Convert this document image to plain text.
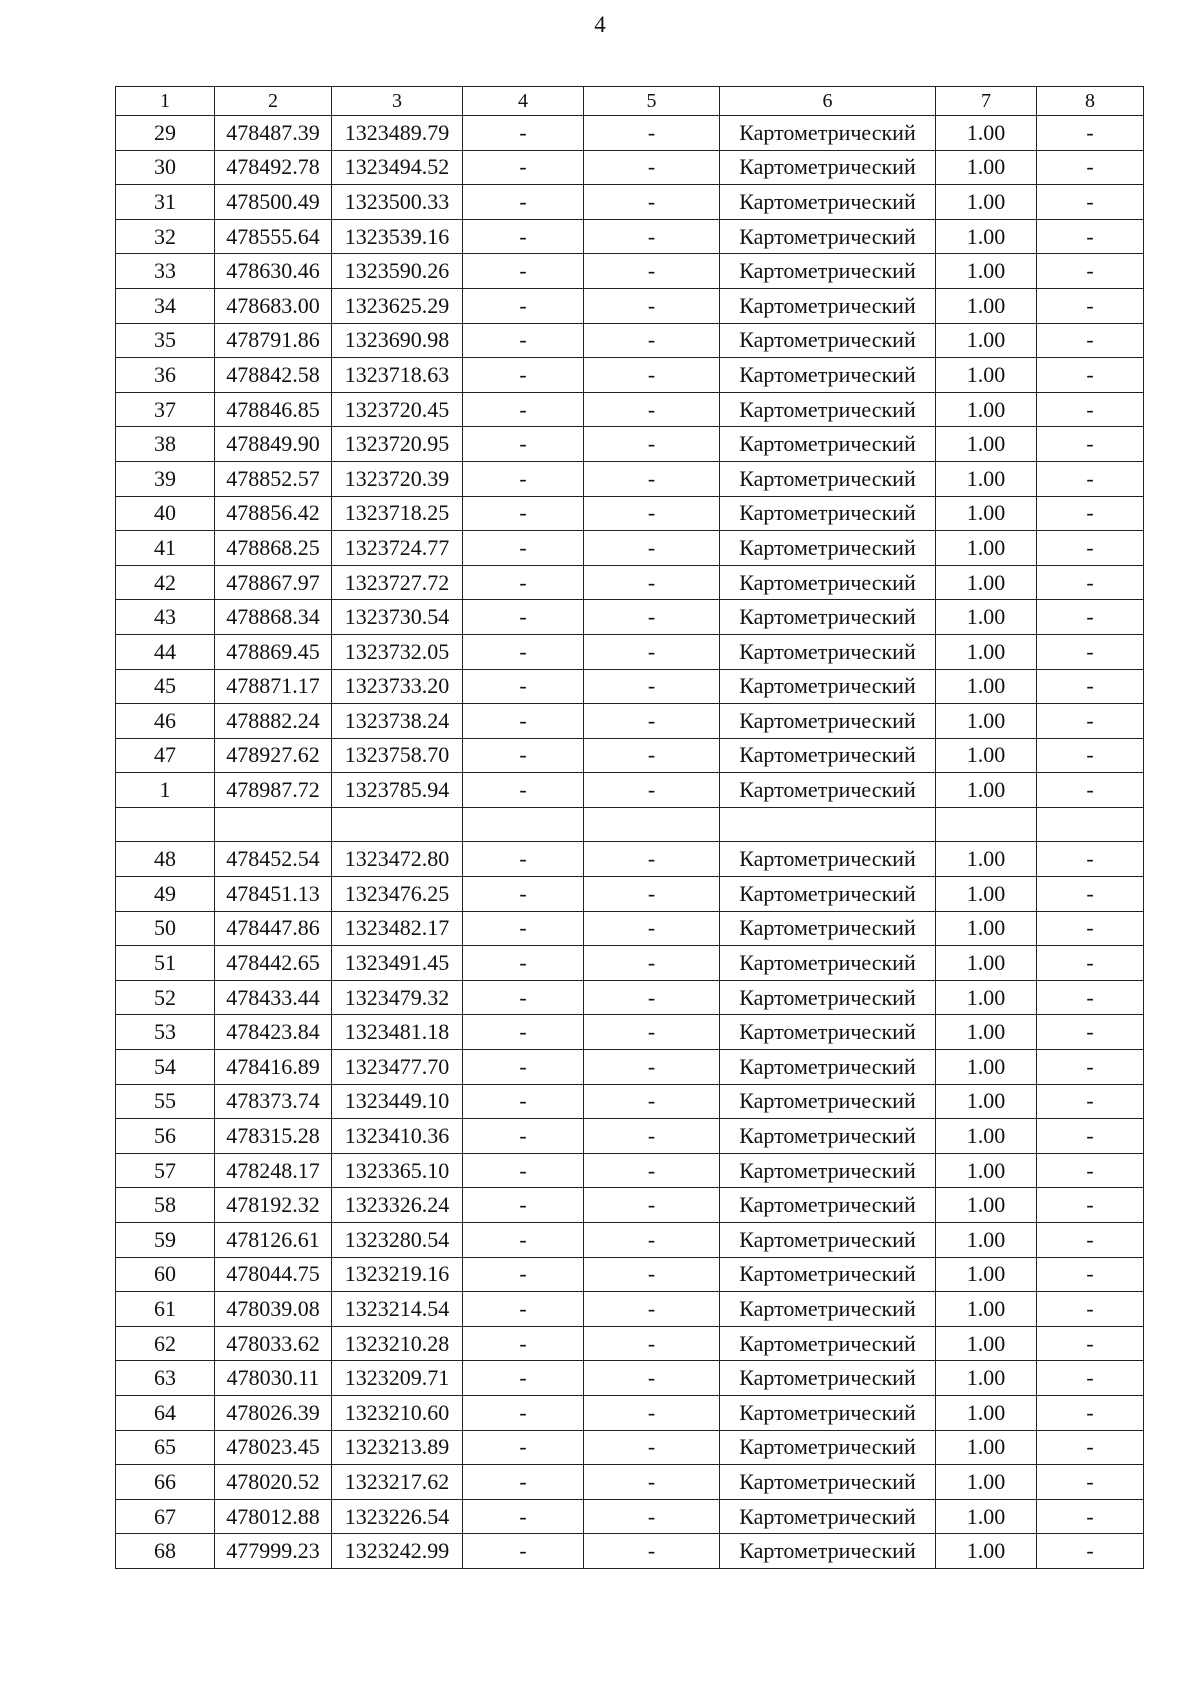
4
1	2	3	4	5	6	7	8
29	478487.39	1323489.79	-	-	Картометрический	1.00	-
30	478492.78	1323494.52	-	-	Картометрический	1.00	-
31	478500.49	1323500.33	-	-	Картометрический	1.00	-
32	478555.64	1323539.16	-	-	Картометрический	1.00	-
33	478630.46	1323590.26	-	-	Картометрический	1.00	-
34	478683.00	1323625.29	-	-	Картометрический	1.00	-
35	478791.86	1323690.98	-	-	Картометрический	1.00	-
36	478842.58	1323718.63	-	-	Картометрический	1.00	-
37	478846.85	1323720.45	-	-	Картометрический	1.00	-
38	478849.90	1323720.95	-	-	Картометрический	1.00	-
39	478852.57	1323720.39	-	-	Картометрический	1.00	-
40	478856.42	1323718.25	-	-	Картометрический	1.00	-
41	478868.25	1323724.77	-	-	Картометрический	1.00	-
42	478867.97	1323727.72	-	-	Картометрический	1.00	-
43	478868.34	1323730.54	-	-	Картометрический	1.00	-
44	478869.45	1323732.05	-	-	Картометрический	1.00	-
45	478871.17	1323733.20	-	-	Картометрический	1.00	-
46	478882.24	1323738.24	-	-	Картометрический	1.00	-
47	478927.62	1323758.70	-	-	Картометрический	1.00	-
1	478987.72	1323785.94	-	-	Картометрический	1.00	-

48	478452.54	1323472.80	-	-	Картометрический	1.00	-
49	478451.13	1323476.25	-	-	Картометрический	1.00	-
50	478447.86	1323482.17	-	-	Картометрический	1.00	-
51	478442.65	1323491.45	-	-	Картометрический	1.00	-
52	478433.44	1323479.32	-	-	Картометрический	1.00	-
53	478423.84	1323481.18	-	-	Картометрический	1.00	-
54	478416.89	1323477.70	-	-	Картометрический	1.00	-
55	478373.74	1323449.10	-	-	Картометрический	1.00	-
56	478315.28	1323410.36	-	-	Картометрический	1.00	-
57	478248.17	1323365.10	-	-	Картометрический	1.00	-
58	478192.32	1323326.24	-	-	Картометрический	1.00	-
59	478126.61	1323280.54	-	-	Картометрический	1.00	-
60	478044.75	1323219.16	-	-	Картометрический	1.00	-
61	478039.08	1323214.54	-	-	Картометрический	1.00	-
62	478033.62	1323210.28	-	-	Картометрический	1.00	-
63	478030.11	1323209.71	-	-	Картометрический	1.00	-
64	478026.39	1323210.60	-	-	Картометрический	1.00	-
65	478023.45	1323213.89	-	-	Картометрический	1.00	-
66	478020.52	1323217.62	-	-	Картометрический	1.00	-
67	478012.88	1323226.54	-	-	Картометрический	1.00	-
68	477999.23	1323242.99	-	-	Картометрический	1.00	-
